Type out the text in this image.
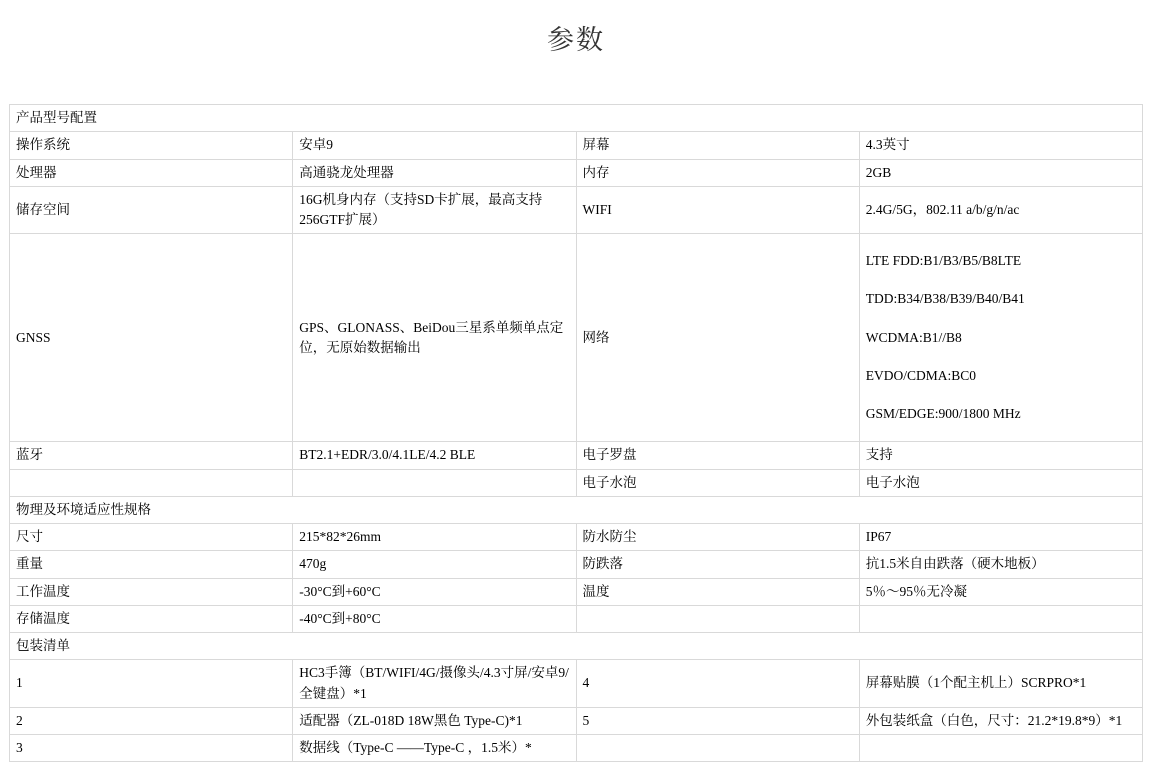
参数
产品型号配置			
操作系统	安卓9	屏幕	4.3英寸
处理器	高通骁龙处理器	内存	2GB
储存空间	16G机身内存（支持SD卡扩展，最高支持256GTF扩展）	WIFI	2.4G/5G，802.11 a/b/g/n/ac
GNSS	GPS、GLONASS、BeiDou三星系单频单点定位，无原始数据输出	网络	LTE FDD:B1/B3/B5/B8LTE

TDD:B34/B38/B39/B40/B41

WCDMA:B1//B8

EVDO/CDMA:BC0

GSM/EDGE:900/1800 MHz

蓝牙	BT2.1+EDR/3.0/4.1LE/4.2 BLE	电子罗盘	支持
		电子水泡	电子水泡
物理及环境适应性规格			
尺寸	215*82*26mm	防水防尘	IP67
重量	470g	防跌落	抗1.5米自由跌落（硬木地板）
工作温度	-30°C到+60°C	温度	5％～95％无冷凝
存储温度	-40°C到+80°C		
包装清单			
1	HC3手簿（BT/WIFI/4G/摄像头/4.3寸屏/安卓9/全键盘）*1	4	屏幕贴膜（1个配主机上）SCRPRO*1
2	适配器（ZL-018D 18W黑色 Type-C)*1	5	外包装纸盒（白色，尺寸：21.2*19.8*9）*1
3	数据线（Type-C ——Type-C ，1.5米）*		
